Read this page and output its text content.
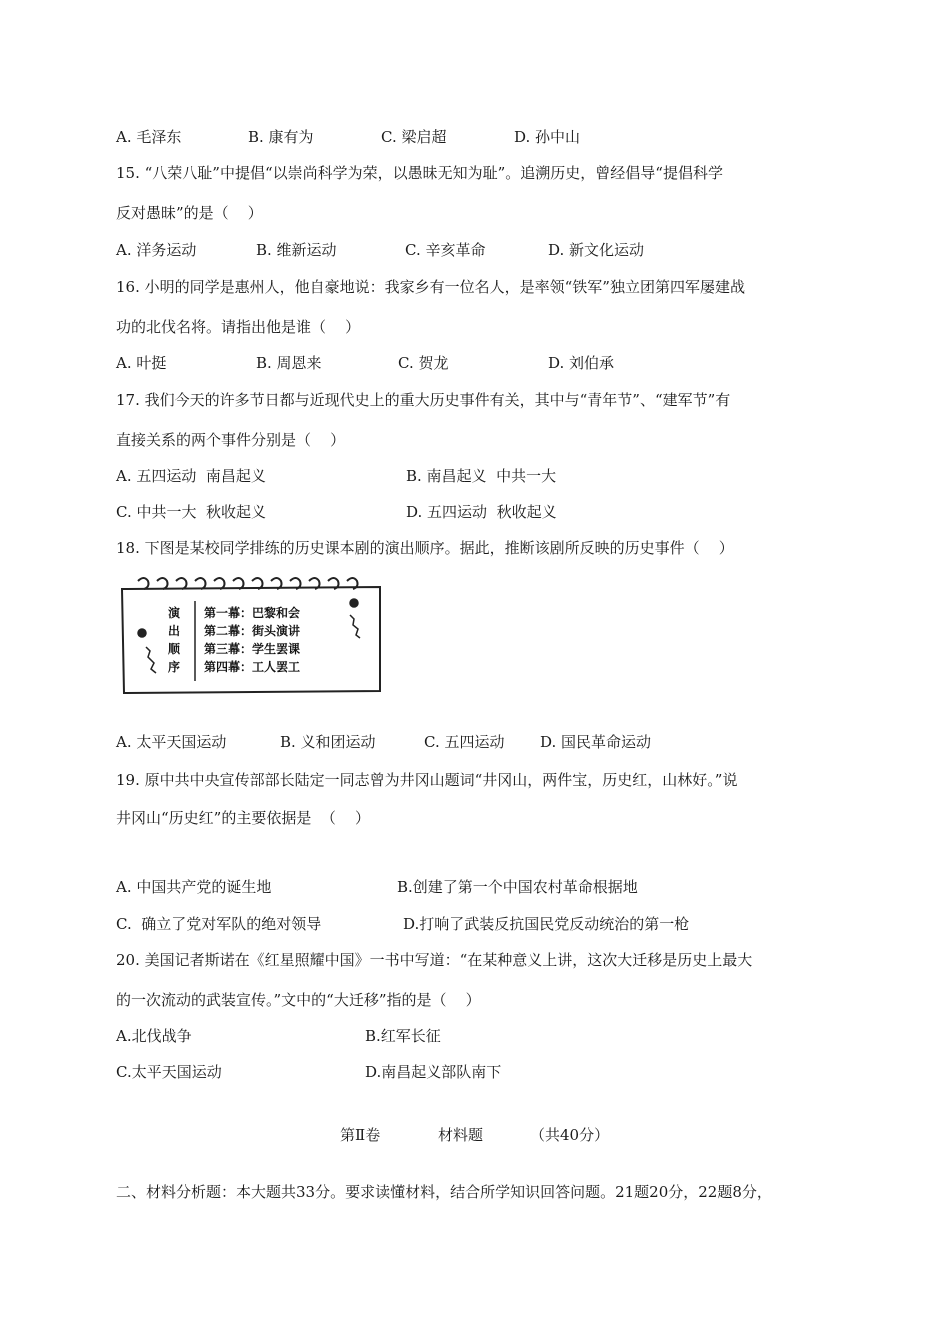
A. 毛泽东	B. 康有为	C. 梁启超	D. 孙中山
15. “八荣八耻”中提倡“以崇尚科学为荣，以愚昧无知为耻”。追溯历史，曾经倡导“提倡科学
反对愚昧”的是（    ）
A. 洋务运动	B. 维新运动	C. 辛亥革命	D. 新文化运动
16. 小明的同学是惠州人，他自豪地说：我家乡有一位名人，是率领“铁军”独立团第四军屡建战
功的北伐名将。请指出他是谁（    ）
A. 叶挺	B. 周恩来	C. 贺龙	D. 刘伯承
17. 我们今天的许多节日都与近现代史上的重大历史事件有关，其中与“青年节”、“建军节”有
直接关系的两个事件分别是（    ）
A. 五四运动  南昌起义	B. 南昌起义  中共一大
C. 中共一大  秋收起义	D. 五四运动  秋收起义
18. 下图是某校同学排练的历史课本剧的演出顺序。据此，推断该剧所反映的历史事件（    ）
演
出
顺
序
第一幕：巴黎和会
第二幕：街头演讲
第三幕：学生罢课
第四幕：工人罢工
A. 太平天国运动	B. 义和团运动	C. 五四运动 D. 国民革命运动
19. 原中共中央宣传部部长陆定一同志曾为井冈山题词“井冈山，两件宝，历史红，山林好。”说
井冈山“历史红”的主要依据是  （    ）
A. 中国共产党的诞生地	B.创建了第一个中国农村革命根据地
C.  确立了党对军队的绝对领导	D.打响了武装反抗国民党反动统治的第一枪
20. 美国记者斯诺在《红星照耀中国》一书中写道：“在某种意义上讲，这次大迁移是历史上最大
的一次流动的武装宣传。”文中的“大迁移”指的是（    ）
A.北伐战争	B.红军长征
C.太平天国运动	D.南昌起义部队南下
第Ⅱ卷	材料题	（共40分）
二、材料分析题：本大题共33分。要求读懂材料，结合所学知识回答问题。21题20分，22题8分，
